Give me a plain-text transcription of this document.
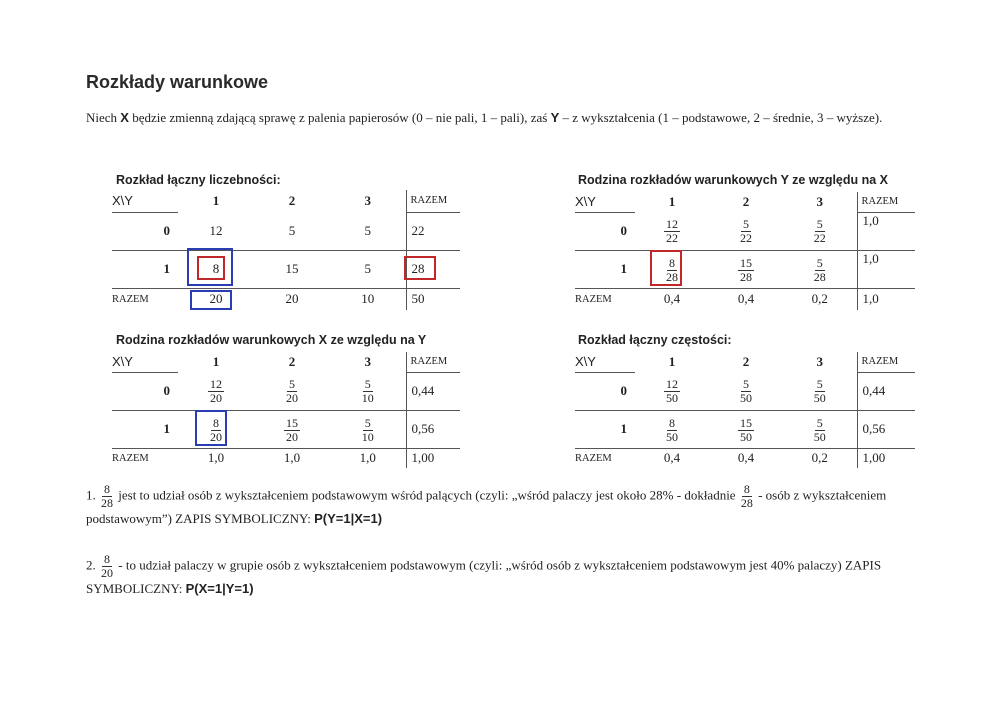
Rozkłady warunkowe
Niech X będzie zmienną zdającą sprawę z palenia papierosów (0 – nie pali, 1 – pali), zaś Y – z wykształcenia (1 – podstawowe, 2 – średnie, 3 – wyższe).
Rozkład łączny liczebności:
X\Y	1	2	3	RAZEM
0	12	5	5	22
1	8	15	5	28
RAZEM	20	20	10	50
Rodzina rozkładów warunkowych Y ze względu na X
X\Y	1	2	3	RAZEM
0	$\frac{12}{22}$	$\frac{5}{22}$	$\frac{5}{22}$	1,0
1	$\frac{8}{28}$	$\frac{15}{28}$	$\frac{5}{28}$	1,0
RAZEM	0,4	0,4	0,2	1,0
Rodzina rozkładów warunkowych X ze względu na Y
X\Y	1	2	3	RAZEM
0	$\frac{12}{20}$	$\frac{5}{20}$	$\frac{5}{10}$	0,44
1	$\frac{8}{20}$	$\frac{15}{20}$	$\frac{5}{10}$	0,56
RAZEM	1,0	1,0	1,0	1,00
Rozkład łączny częstości:
X\Y	1	2	3	RAZEM
0	$\frac{12}{50}$	$\frac{5}{50}$	$\frac{5}{50}$	0,44
1	$\frac{8}{50}$	$\frac{15}{50}$	$\frac{5}{50}$	0,56
RAZEM	0,4	0,4	0,2	1,00
1. $\frac{8}{28}$ jest to udział osób z wykształceniem podstawowym wśród palących (czyli: „wśród palaczy jest około 28% - dokładnie $\frac{8}{28}$ - osób z wykształceniem podstawowym”) ZAPIS SYMBOLICZNY: P(Y=1|X=1)
2. $\frac{8}{20}$ - to udział palaczy w grupie osób z wykształceniem podstawowym (czyli: „wśród osób z wykształceniem podstawowym jest 40% palaczy) ZAPIS SYMBOLICZNY: P(X=1|Y=1)
